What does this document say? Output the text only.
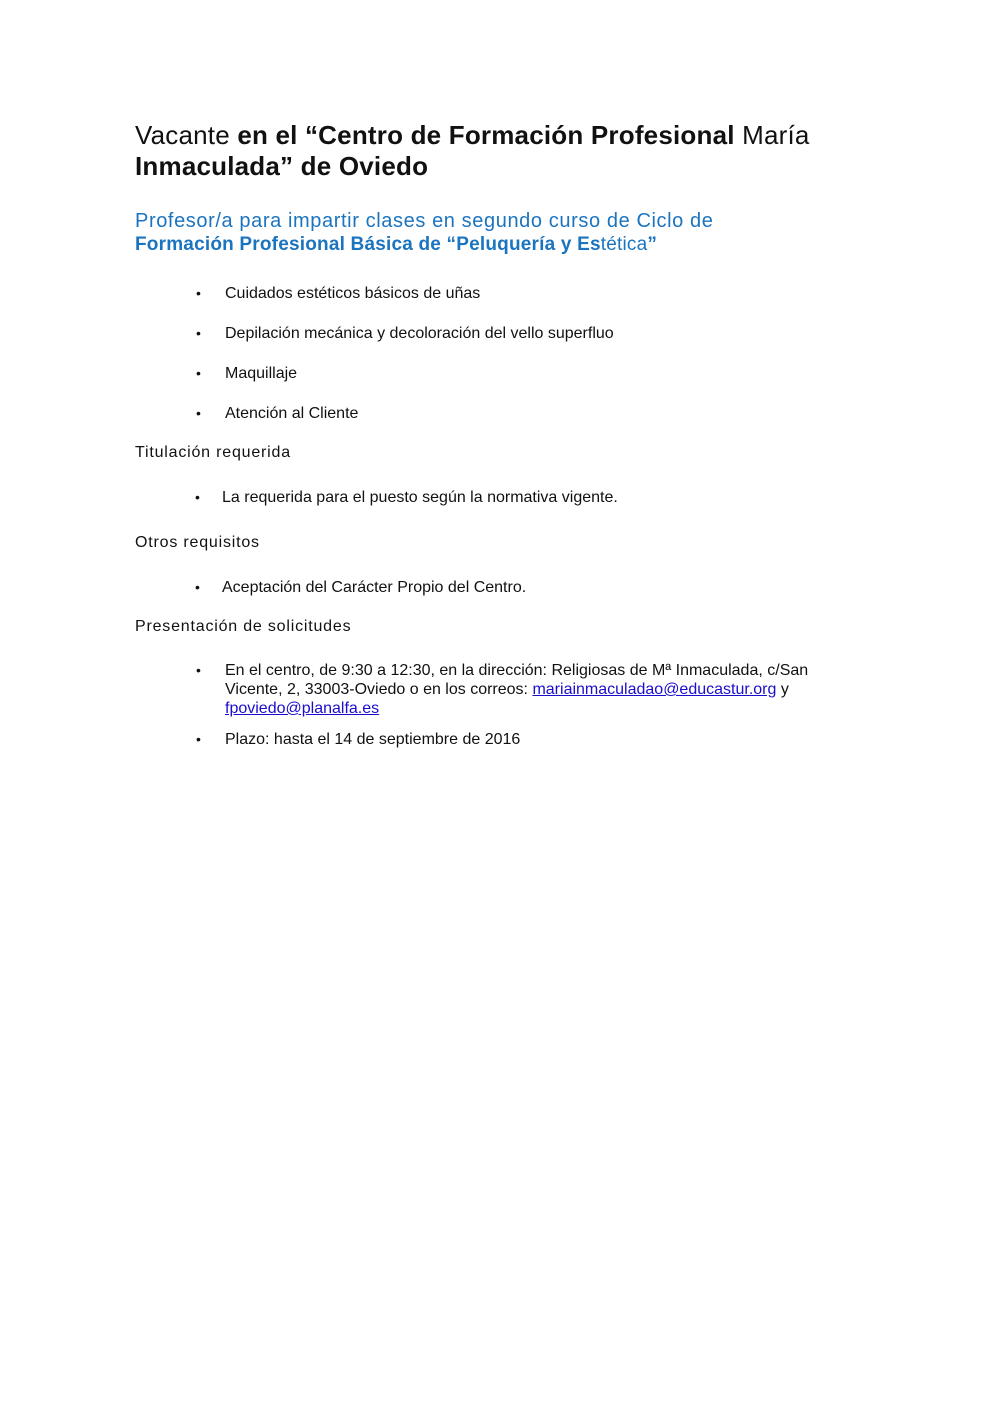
Vacante en el “Centro de Formación Profesional María
Inmaculada” de Oviedo
Profesor/a para impartir clases en segundo curso de Ciclo de
Formación Profesional Básica de “Peluquería y Estética”
• Cuidados estéticos básicos de uñas
• Depilación mecánica y decoloración del vello superfluo
• Maquillaje
• Atención al Cliente
Titulación requerida
• La requerida para el puesto según la normativa vigente.
Otros requisitos
• Aceptación del Carácter Propio del Centro.
Presentación de solicitudes
• En el centro, de 9:30 a 12:30, en la dirección: Religiosas de Mª Inmaculada, c/San
Vicente, 2, 33003-Oviedo o en los correos: mariainmaculadao@educastur.org y
fpoviedo@planalfa.es
• Plazo: hasta el 14 de septiembre de 2016
